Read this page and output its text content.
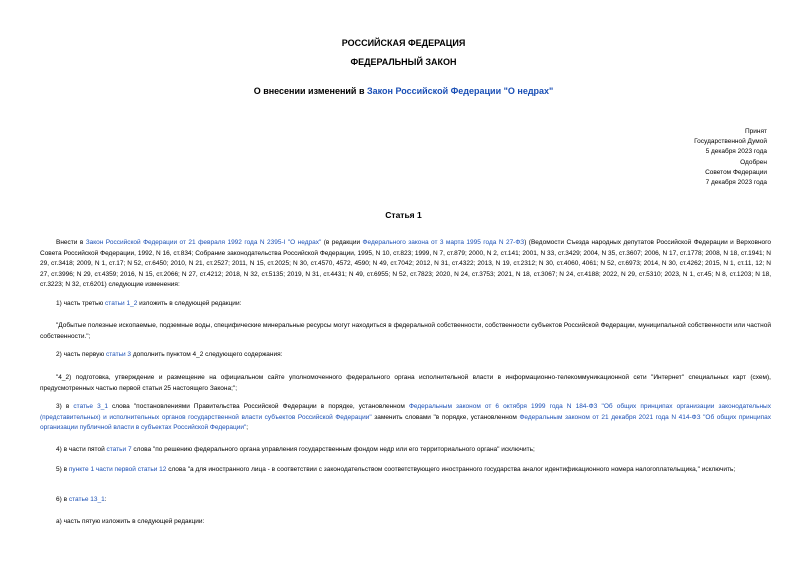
РОССИЙСКАЯ ФЕДЕРАЦИЯ
ФЕДЕРАЛЬНЫЙ ЗАКОН
О внесении изменений в Закон Российской Федерации "О недрах"
Принят
Государственной Думой
5 декабря 2023 года
Одобрен
Советом Федерации
7 декабря 2023 года
Статья 1
Внести в Закон Российской Федерации от 21 февраля 1992 года N 2395-I "О недрах" (в редакции Федерального закона от 3 марта 1995 года N 27-ФЗ) (Ведомости Съезда народных депутатов Российской Федерации и Верховного Совета Российской Федерации, 1992, N 16, ст.834; Собрание законодательства Российской Федерации, 1995, N 10, ст.823; 1999, N 7, ст.879; 2000, N 2, ст.141; 2001, N 33, ст.3429; 2004, N 35, ст.3607; 2006, N 17, ст.1778; 2008, N 18, ст.1941; N 29, ст.3418; 2009, N 1, ст.17; N 52, ст.6450; 2010, N 21, ст.2527; 2011, N 15, ст.2025; N 30, ст.4570, 4572, 4590; N 49, ст.7042; 2012, N 31, ст.4322; 2013, N 19, ст.2312; N 30, ст.4060, 4061; N 52, ст.6973; 2014, N 30, ст.4262; 2015, N 1, ст.11, 12; N 27, ст.3996; N 29, ст.4359; 2016, N 15, ст.2066; N 27, ст.4212; 2018, N 32, ст.5135; 2019, N 31, ст.4431; N 49, ст.6955; N 52, ст.7823; 2020, N 24, ст.3753; 2021, N 18, ст.3067; N 24, ст.4188; 2022, N 29, ст.5310; 2023, N 1, ст.45; N 8, ст.1203; N 18, ст.3223; N 32, ст.6201) следующие изменения:
1) часть третью статьи 1_2 изложить в следующей редакции:
"Добытые полезные ископаемые, подземные воды, специфические минеральные ресурсы могут находиться в федеральной собственности, собственности субъектов Российской Федерации, муниципальной собственности или частной собственности.";
2) часть первую статьи 3 дополнить пунктом 4_2 следующего содержания:
"4_2) подготовка, утверждение и размещение на официальном сайте уполномоченного федерального органа исполнительной власти в информационно-телекоммуникационной сети "Интернет" специальных карт (схем), предусмотренных частью первой статьи 25 настоящего Закона;";
3) в статье 3_1 слова "постановлениями Правительства Российской Федерации в порядке, установленном Федеральным законом от 6 октября 1999 года N 184-ФЗ "Об общих принципах организации законодательных (представительных) и исполнительных органов государственной власти субъектов Российской Федерации" заменить словами "в порядке, установленном Федеральным законом от 21 декабря 2021 года N 414-ФЗ "Об общих принципах организации публичной власти в субъектах Российской Федерации";
4) в части пятой статьи 7 слова "по решению федерального органа управления государственным фондом недр или его территориального органа" исключить;
5) в пункте 1 части первой статьи 12 слова "а для иностранного лица - в соответствии с законодательством соответствующего иностранного государства аналог идентификационного номера налогоплательщика," исключить;
6) в статье 13_1:
а) часть пятую изложить в следующей редакции:
